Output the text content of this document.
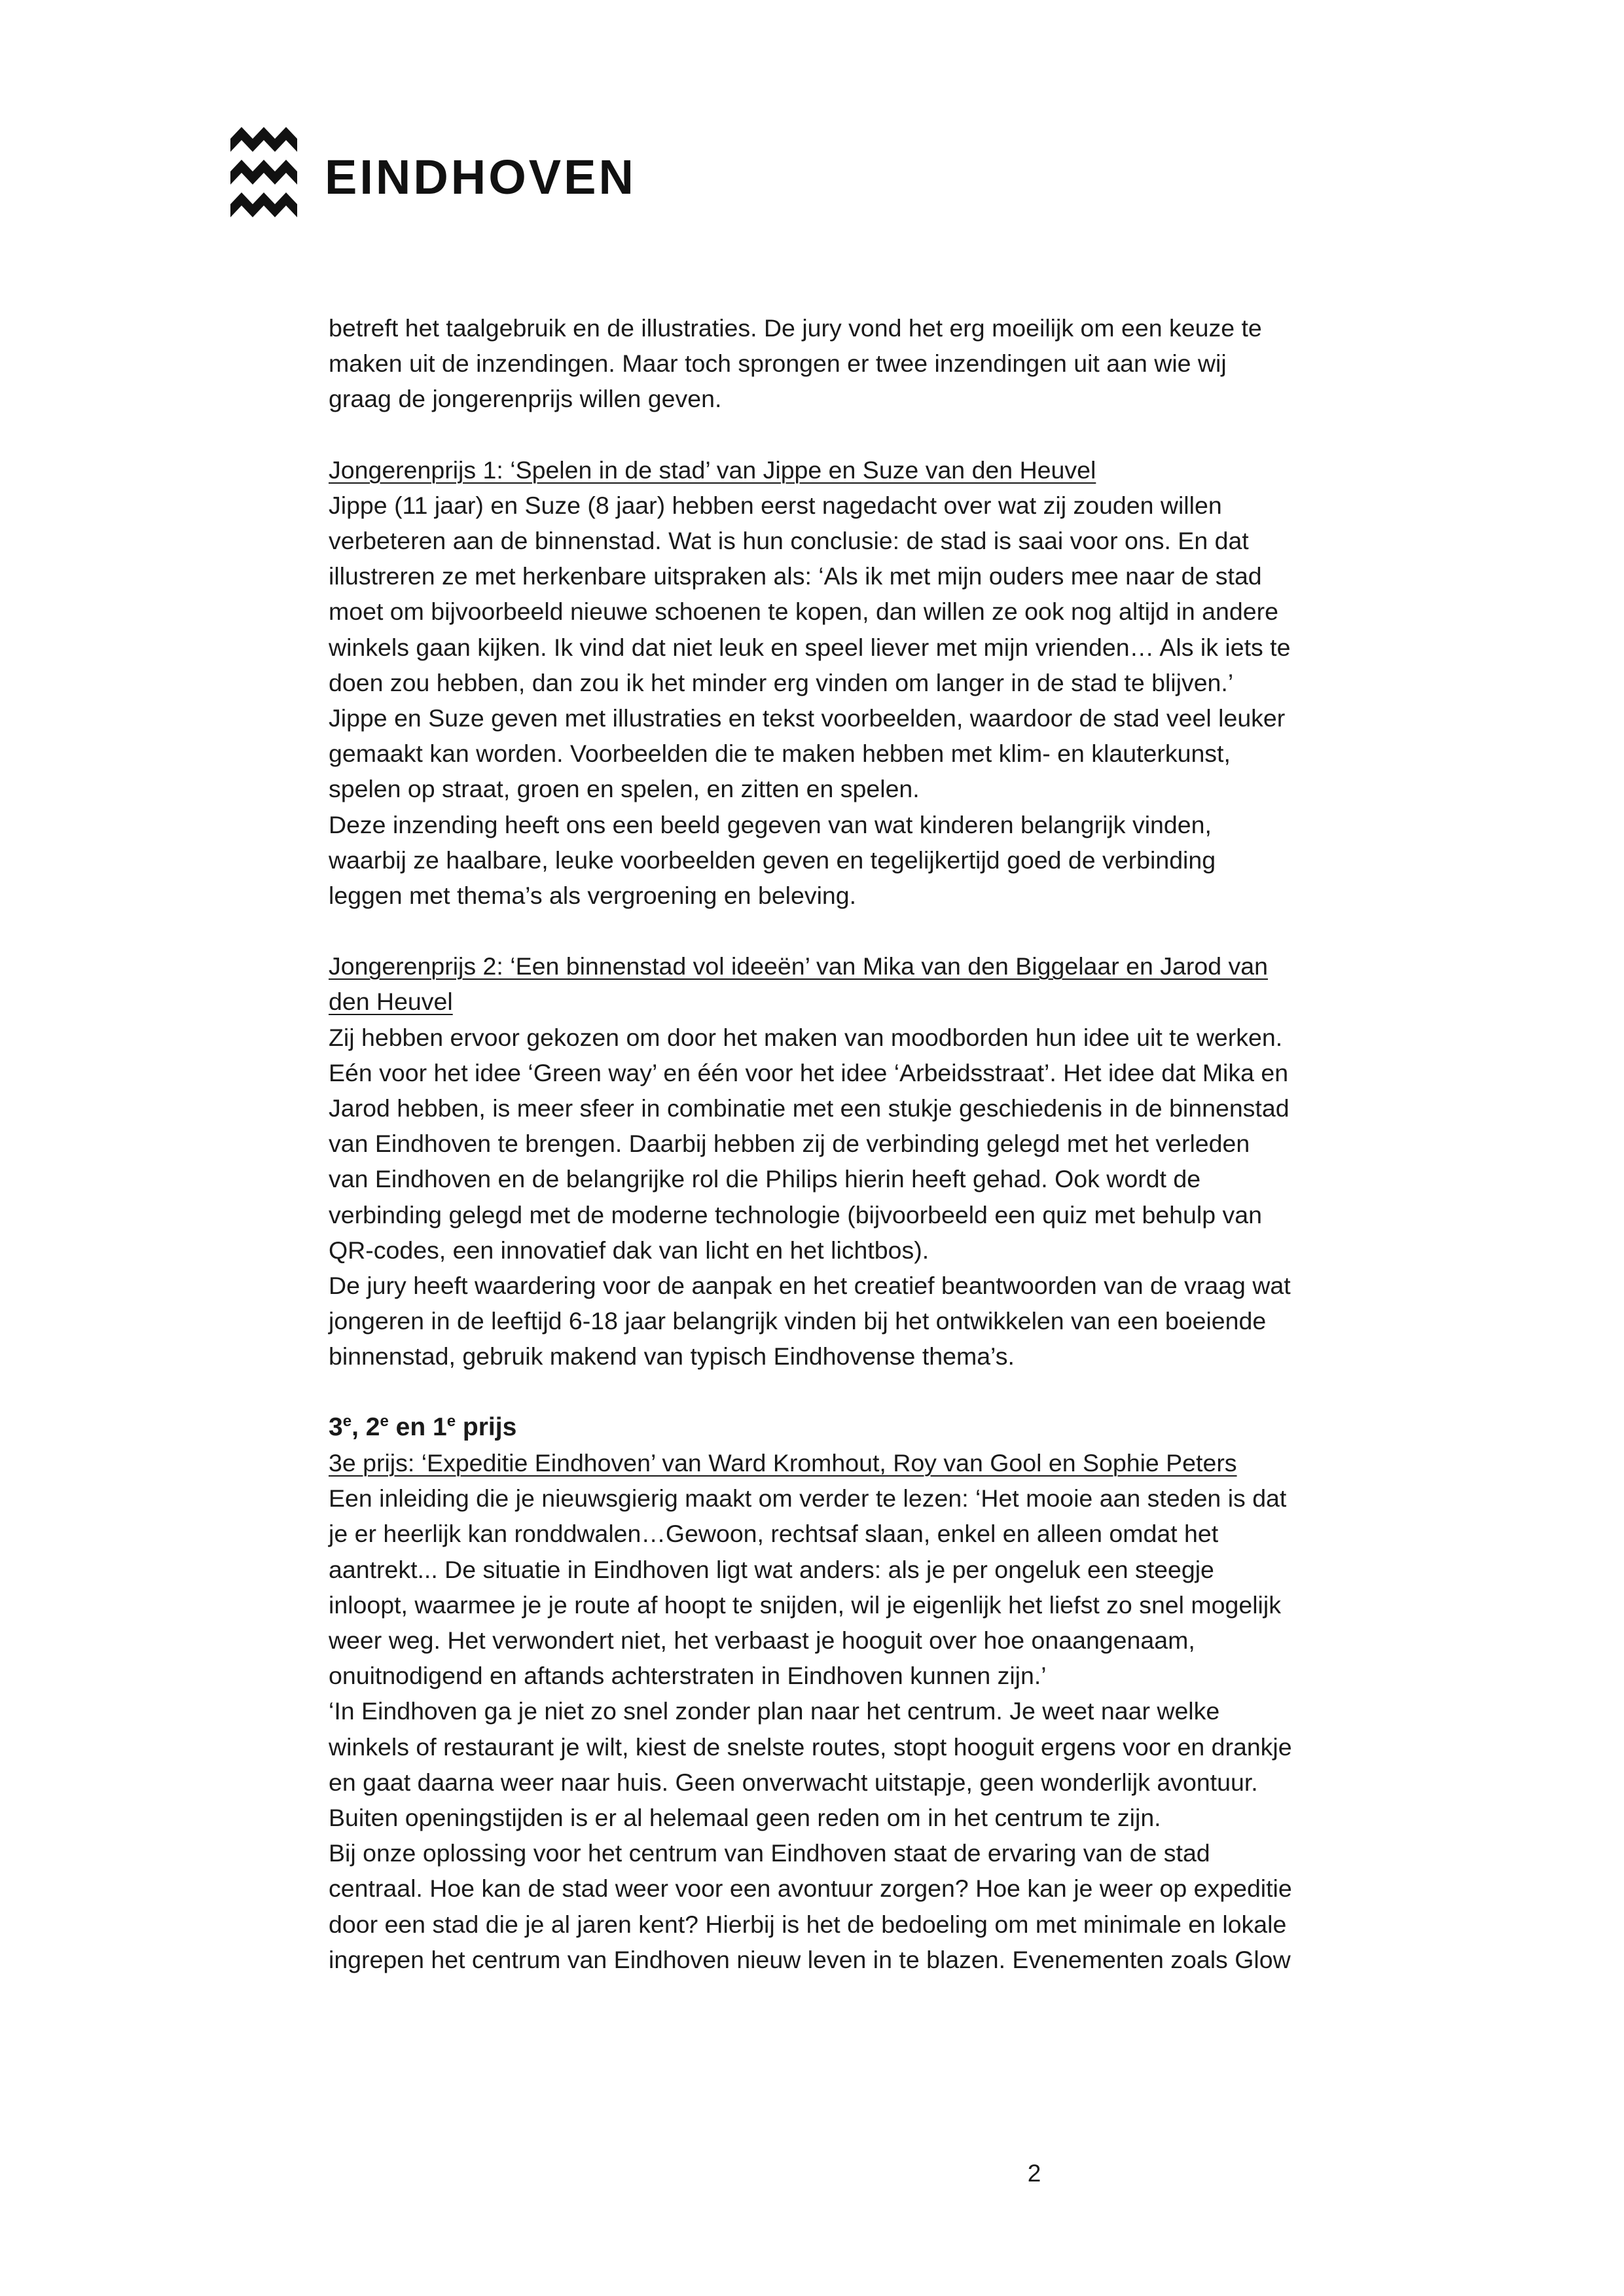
EINDHOVEN

betreft het taalgebruik en de illustraties. De jury vond het erg moeilijk om een keuze te

maken uit de inzendingen. Maar toch sprongen er twee inzendingen uit aan wie wij

graag de jongerenprijs willen geven.

Jongerenprijs 1: ‘Spelen in de stad’ van Jippe en Suze van den Heuvel

Jippe (11 jaar) en Suze (8 jaar) hebben eerst nagedacht over wat zij zouden willen

verbeteren aan de binnenstad. Wat is hun conclusie: de stad is saai voor ons. En dat

illustreren ze met herkenbare uitspraken als: ‘Als ik met mijn ouders mee naar de stad

moet om bijvoorbeeld nieuwe schoenen te kopen, dan willen ze ook nog altijd in andere

winkels gaan kijken. Ik vind dat niet leuk en speel liever met mijn vrienden… Als ik iets te

doen zou hebben, dan zou ik het minder erg vinden om langer in de stad te blijven.’

Jippe en Suze geven met illustraties en tekst voorbeelden, waardoor de stad veel leuker

gemaakt kan worden. Voorbeelden die te maken hebben met klim- en klauterkunst,

spelen op straat, groen en spelen, en zitten en spelen.

Deze inzending heeft ons een beeld gegeven van wat kinderen belangrijk vinden,

waarbij ze haalbare, leuke voorbeelden geven en tegelijkertijd goed de verbinding

leggen met thema’s als vergroening en beleving.

Jongerenprijs 2: ‘Een binnenstad vol ideeën’ van Mika van den Biggelaar en Jarod van

den Heuvel

Zij hebben ervoor gekozen om door het maken van moodborden hun idee uit te werken.

Eén voor het idee ‘Green way’ en één voor het idee ‘Arbeidsstraat’. Het idee dat Mika en

Jarod hebben, is meer sfeer in combinatie met een stukje geschiedenis in de binnenstad

van Eindhoven te brengen. Daarbij hebben zij de verbinding gelegd met het verleden

van Eindhoven en de belangrijke rol die Philips hierin heeft gehad. Ook wordt de

verbinding gelegd met de moderne technologie (bijvoorbeeld een quiz met behulp van

QR-codes, een innovatief dak van licht en het lichtbos).

De jury heeft waardering voor de aanpak en het creatief beantwoorden van de vraag wat

jongeren in de leeftijd 6-18 jaar belangrijk vinden bij het ontwikkelen van een boeiende

binnenstad, gebruik makend van typisch Eindhovense thema’s.

3e, 2e en 1e prijs

3e prijs: ‘Expeditie Eindhoven’ van Ward Kromhout, Roy van Gool en Sophie Peters

Een inleiding die je nieuwsgierig maakt om verder te lezen: ‘Het mooie aan steden is dat

je er heerlijk kan ronddwalen…Gewoon, rechtsaf slaan, enkel en alleen omdat het

aantrekt... De situatie in Eindhoven ligt wat anders: als je per ongeluk een steegje

inloopt, waarmee je je route af hoopt te snijden, wil je eigenlijk het liefst zo snel mogelijk

weer weg. Het verwondert niet, het verbaast je hooguit over hoe onaangenaam,

onuitnodigend en aftands achterstraten in Eindhoven kunnen zijn.’

‘In Eindhoven ga je niet zo snel zonder plan naar het centrum. Je weet naar welke

winkels of restaurant je wilt, kiest de snelste routes, stopt hooguit ergens voor en drankje

en gaat daarna weer naar huis. Geen onverwacht uitstapje, geen wonderlijk avontuur.

Buiten openingstijden is er al helemaal geen reden om in het centrum te zijn.

Bij onze oplossing voor het centrum van Eindhoven staat de ervaring van de stad

centraal. Hoe kan de stad weer voor een avontuur zorgen? Hoe kan je weer op expeditie

door een stad die je al jaren kent? Hierbij is het de bedoeling om met minimale en lokale

ingrepen het centrum van Eindhoven nieuw leven in te blazen. Evenementen zoals Glow

2
